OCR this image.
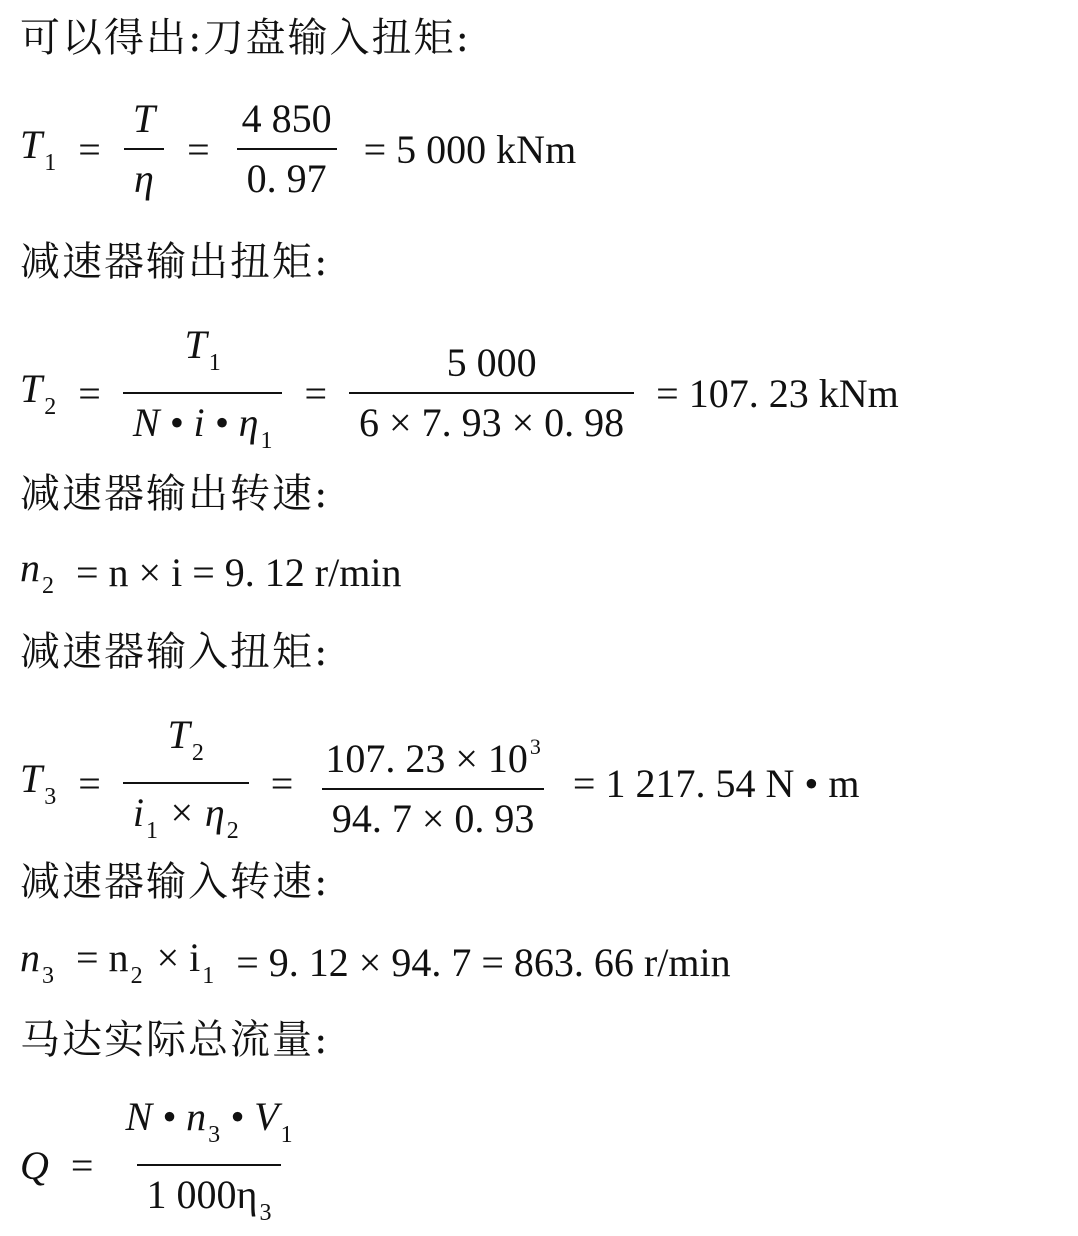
可以得出:刀盘输入扭矩:
$T_1 = \frac{T}{\eta} = \frac{4 850}{0. 97} = 5$ 000 kNm
减速器输出扭矩:
$T_2 = \frac{T_1}{N • i • \eta_1} = \frac{5 000}{6 \times 7. 93 \times 0. 98} = 107$. 23 kNm
减速器输出转速:
$n_2 = n \times i = 9$. 12 r/min
减速器输入扭矩:
$T_3 = \frac{T_2}{i_1 \times \eta_2} = \frac{107. 23 \times 10^3}{94. 7 \times 0. 93} = 1$ 217. 54 N • m
减速器输入转速:
$n_3 = n_2 \times i_1 = 9$. 12 × 94. 7 = 863. 66 r/min
马达实际总流量:
$Q = \frac{N • n_3 • V_1}{1 000\eta_3}$
